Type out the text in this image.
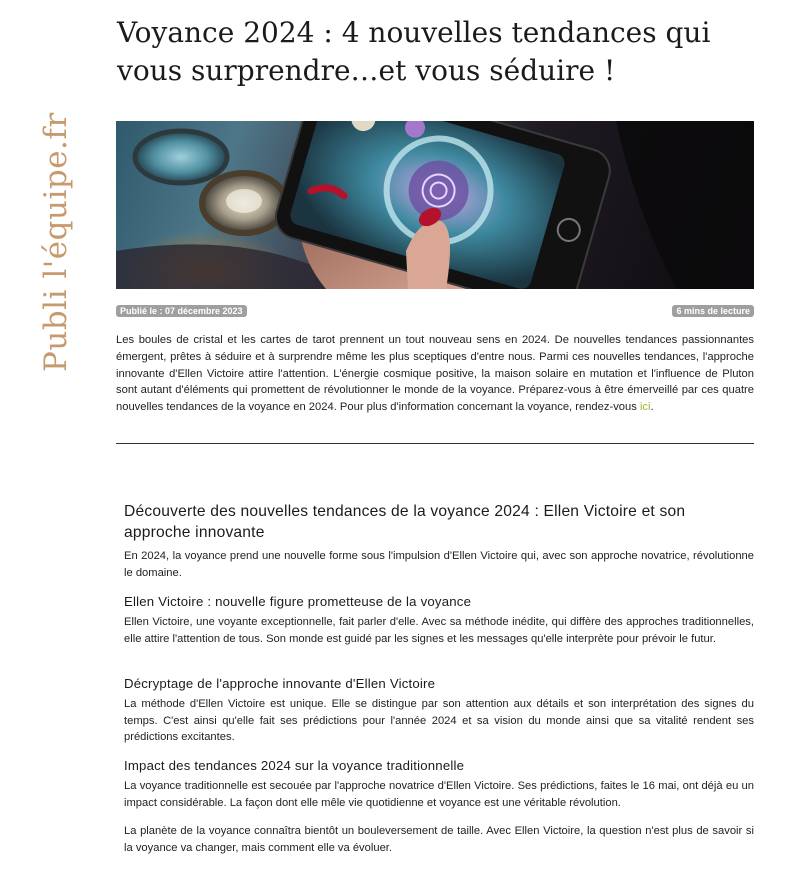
Publi l'équipe.fr
Voyance 2024 : 4 nouvelles tendances qui vous surprendre…et vous séduire !
Publié le : 07 décembre 2023	6 mins de lecture

Les boules de cristal et les cartes de tarot prennent un tout nouveau sens en 2024. De nouvelles tendances passionnantes émergent, prêtes à séduire et à surprendre même les plus sceptiques d'entre nous. Parmi ces nouvelles tendances, l'approche innovante d'Ellen Victoire attire l'attention. L'énergie cosmique positive, la maison solaire en mutation et l'influence de Pluton sont autant d'éléments qui promettent de révolutionner le monde de la voyance. Préparez-vous à être émerveillé par ces quatre nouvelles tendances de la voyance en 2024. Pour plus d'information concernant la voyance, rendez-vous ici.

Découverte des nouvelles tendances de la voyance 2024 : Ellen Victoire et son approche innovante

En 2024, la voyance prend une nouvelle forme sous l'impulsion d'Ellen Victoire qui, avec son approche novatrice, révolutionne le domaine.

Ellen Victoire : nouvelle figure prometteuse de la voyance

Ellen Victoire, une voyante exceptionnelle, fait parler d'elle. Avec sa méthode inédite, qui diffère des approches traditionnelles, elle attire l'attention de tous. Son monde est guidé par les signes et les messages qu'elle interprète pour prévoir le futur.

Décryptage de l'approche innovante d'Ellen Victoire

La méthode d'Ellen Victoire est unique. Elle se distingue par son attention aux détails et son interprétation des signes du temps. C'est ainsi qu'elle fait ses prédictions pour l'année 2024 et sa vision du monde ainsi que sa vitalité rendent ses prédictions excitantes.

Impact des tendances 2024 sur la voyance traditionnelle

La voyance traditionnelle est secouée par l'approche novatrice d'Ellen Victoire. Ses prédictions, faites le 16 mai, ont déjà eu un impact considérable. La façon dont elle mêle vie quotidienne et voyance est une véritable révolution.

La planète de la voyance connaîtra bientôt un bouleversement de taille. Avec Ellen Victoire, la question n'est plus de savoir si la voyance va changer, mais comment elle va évoluer.
